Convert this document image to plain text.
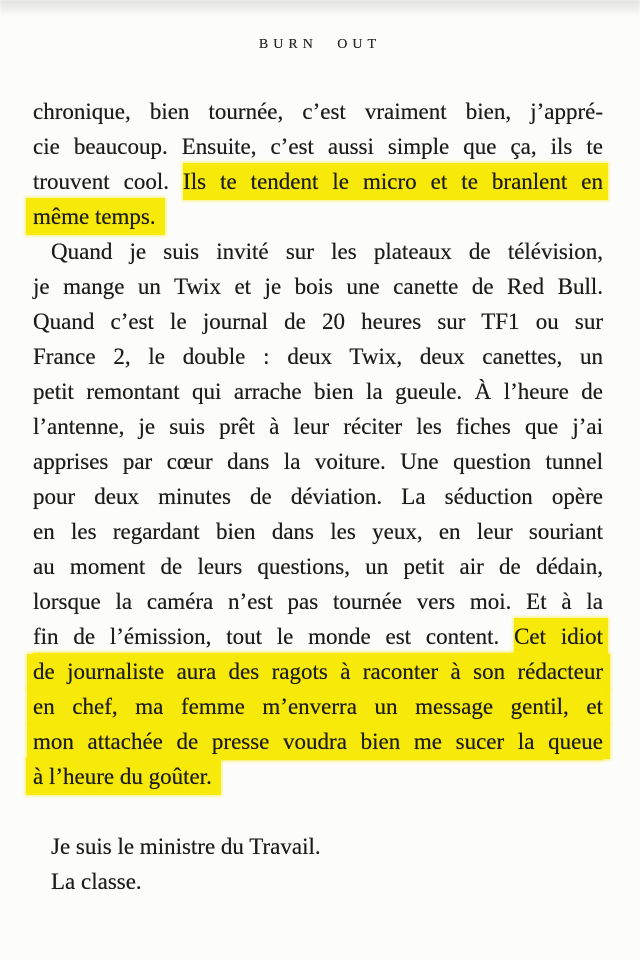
BURN OUT
chronique, bien tournée, c’est vraiment bien, j’appré-
cie beaucoup. Ensuite, c’est aussi simple que ça, ils te
trouvent cool. Ils te tendent le micro et te branlent en
même temps.
Quand je suis invité sur les plateaux de télévision,
je mange un Twix et je bois une canette de Red Bull.
Quand c’est le journal de 20 heures sur TF1 ou sur
France 2, le double : deux Twix, deux canettes, un
petit remontant qui arrache bien la gueule. À l’heure de
l’antenne, je suis prêt à leur réciter les fiches que j’ai
apprises par cœur dans la voiture. Une question tunnel
pour deux minutes de déviation. La séduction opère
en les regardant bien dans les yeux, en leur souriant
au moment de leurs questions, un petit air de dédain,
lorsque la caméra n’est pas tournée vers moi. Et à la
fin de l’émission, tout le monde est content. Cet idiot
de journaliste aura des ragots à raconter à son rédacteur
en chef, ma femme m’enverra un message gentil, et
mon attachée de presse voudra bien me sucer la queue
à l’heure du goûter.
Je suis le ministre du Travail.
La classe.
